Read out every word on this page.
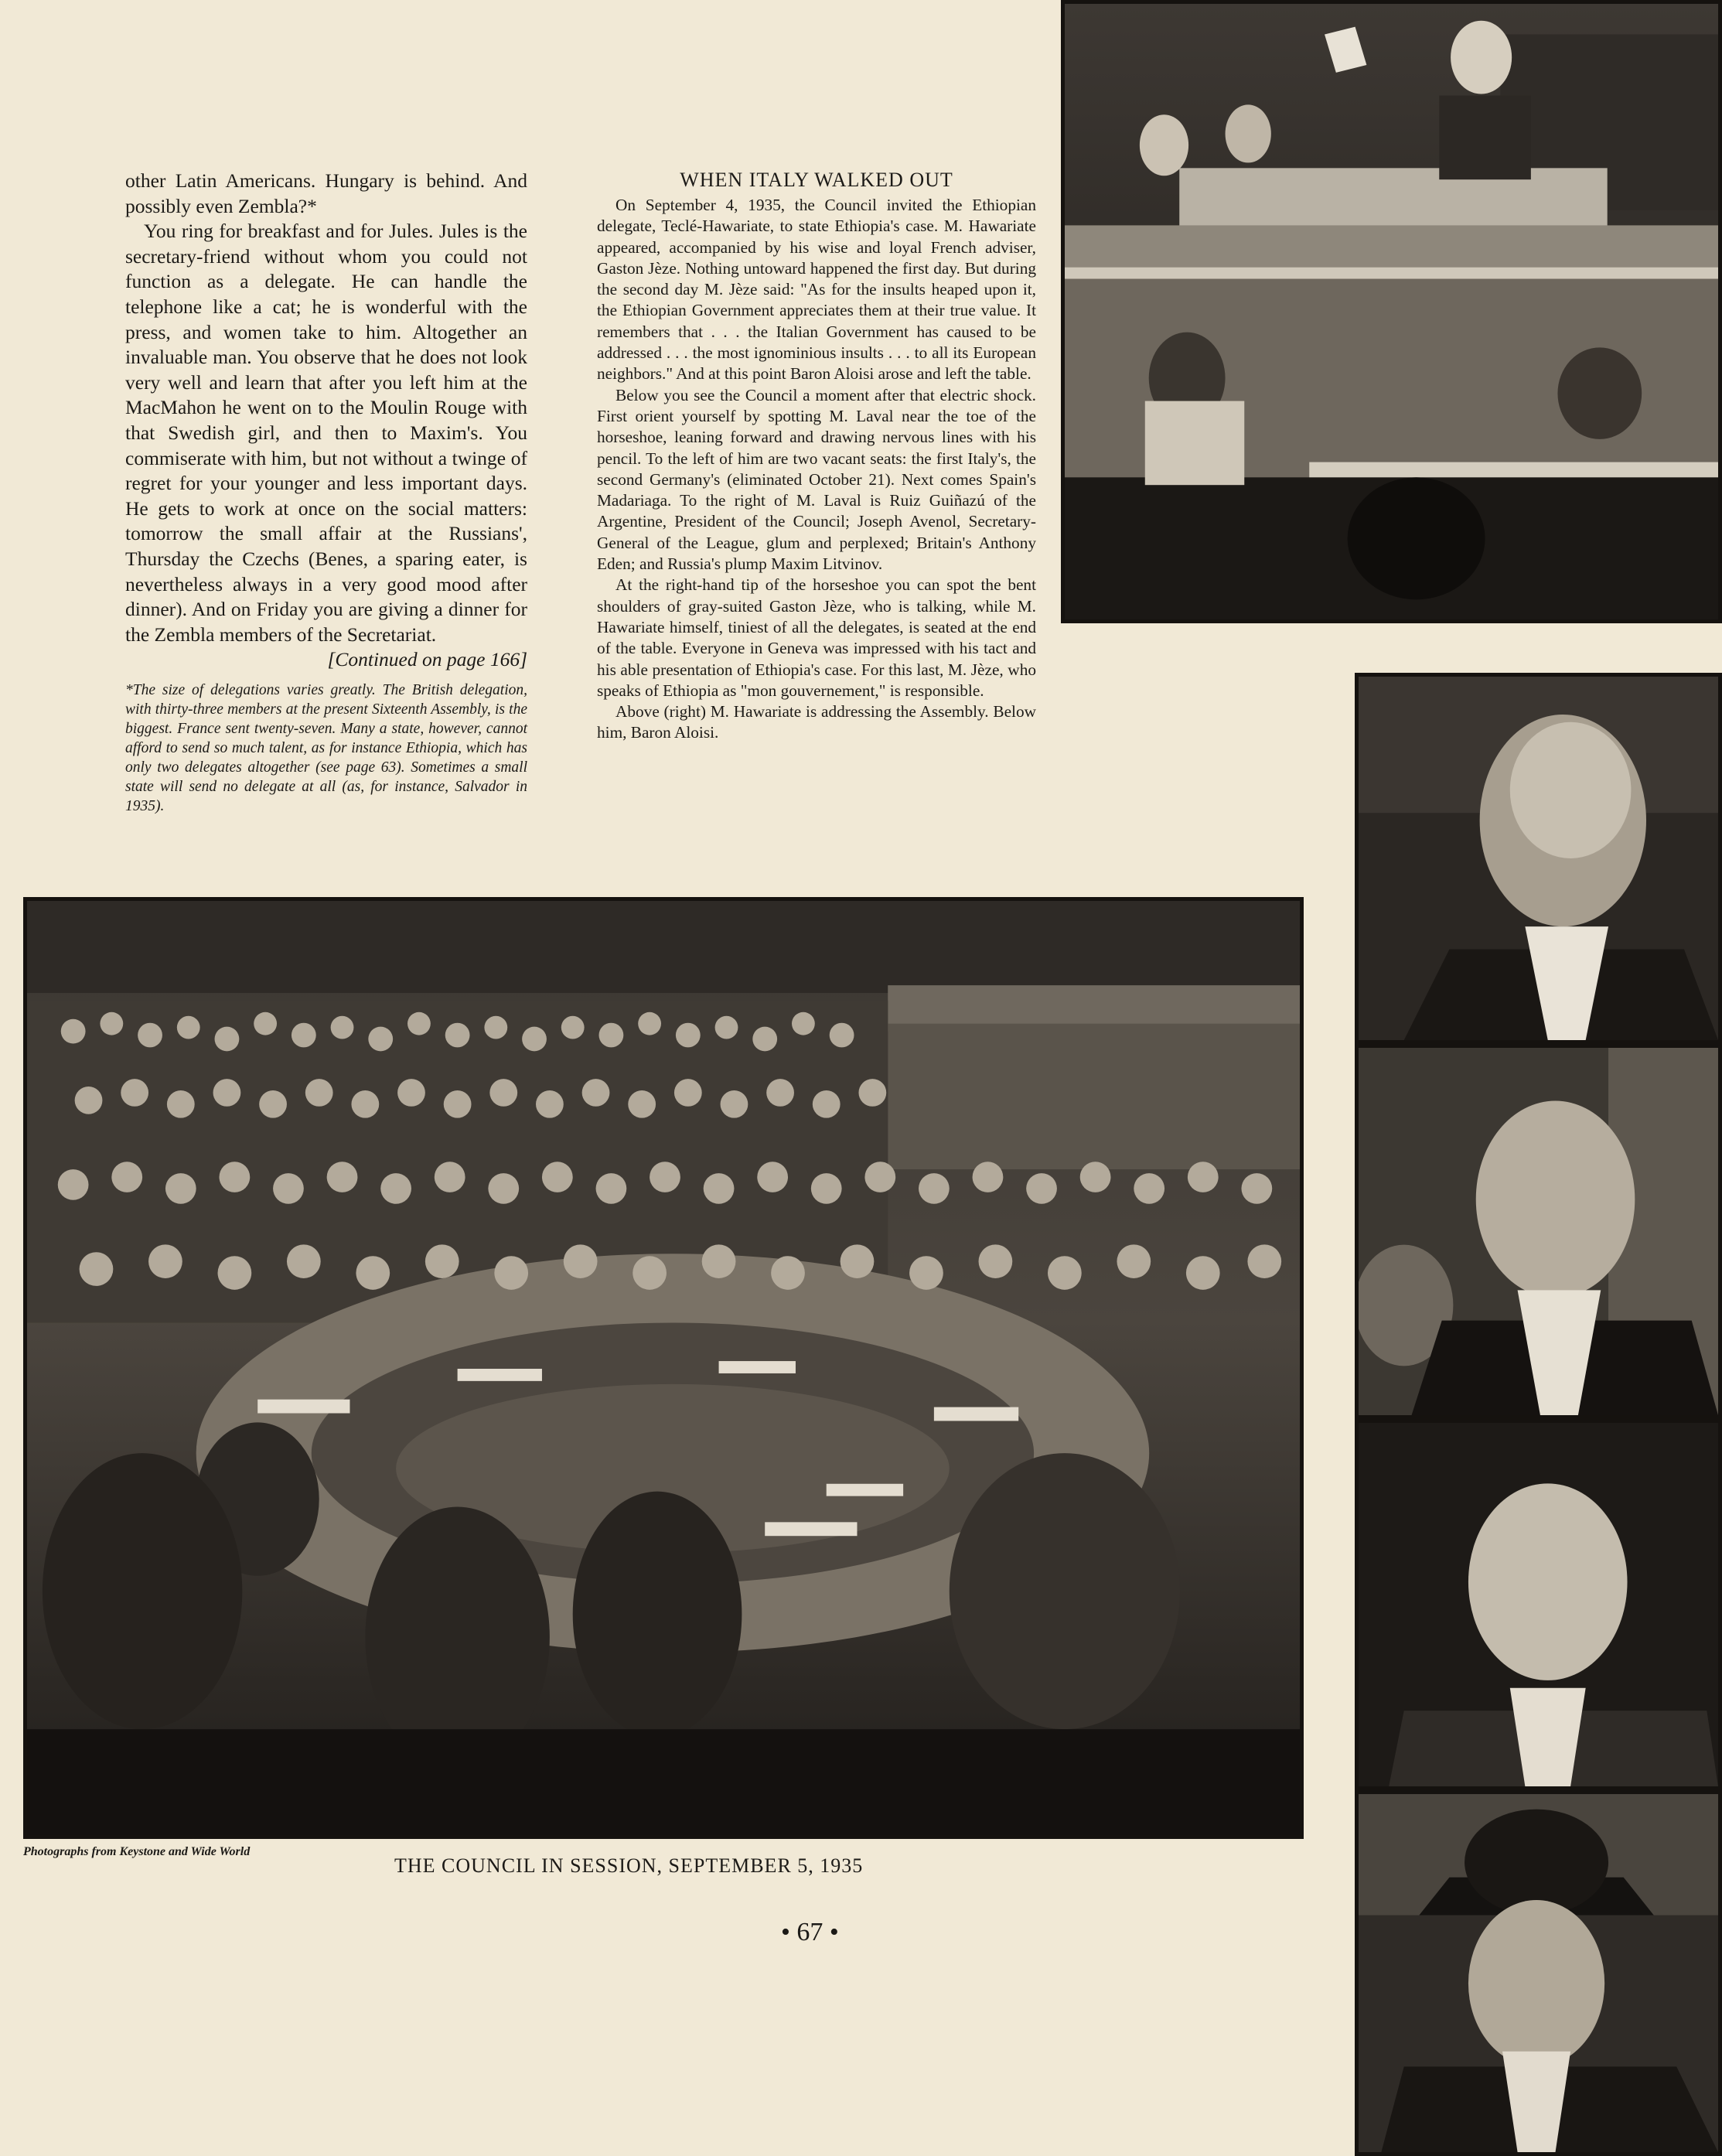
other Latin Americans. Hungary is behind. And possibly even Zembla?*

You ring for breakfast and for Jules. Jules is the secretary-friend without whom you could not function as a delegate. He can handle the telephone like a cat; he is wonderful with the press, and women take to him. Altogether an invaluable man. You observe that he does not look very well and learn that after you left him at the MacMahon he went on to the Moulin Rouge with that Swedish girl, and then to Maxim's. You commiserate with him, but not without a twinge of regret for your younger and less important days. He gets to work at once on the social matters: tomorrow the small affair at the Russians', Thursday the Czechs (Benes, a sparing eater, is nevertheless always in a very good mood after dinner). And on Friday you are giving a dinner for the Zembla members of the Secretariat.

[Continued on page 166]

*The size of delegations varies greatly. The British delegation, with thirty-three members at the present Sixteenth Assembly, is the biggest. France sent twenty-seven. Many a state, however, cannot afford to send so much talent, as for instance Ethiopia, which has only two delegates altogether (see page 63). Sometimes a small state will send no delegate at all (as, for instance, Salvador in 1935).

WHEN ITALY WALKED OUT

On September 4, 1935, the Council invited the Ethiopian delegate, Teclé-Hawariate, to state Ethiopia's case. M. Hawariate appeared, accompanied by his wise and loyal French adviser, Gaston Jèze. Nothing untoward happened the first day. But during the second day M. Jèze said: "As for the insults heaped upon it, the Ethiopian Government appreciates them at their true value. It remembers that . . . the Italian Government has caused to be addressed . . . the most ignominious insults . . . to all its European neighbors." And at this point Baron Aloisi arose and left the table.

Below you see the Council a moment after that electric shock. First orient yourself by spotting M. Laval near the toe of the horseshoe, leaning forward and drawing nervous lines with his pencil. To the left of him are two vacant seats: the first Italy's, the second Germany's (eliminated October 21). Next comes Spain's Madariaga. To the right of M. Laval is Ruiz Guiñazú of the Argentine, President of the Council; Joseph Avenol, Secretary-General of the League, glum and perplexed; Britain's Anthony Eden; and Russia's plump Maxim Litvinov.

At the right-hand tip of the horseshoe you can spot the bent shoulders of gray-suited Gaston Jèze, who is talking, while M. Hawariate himself, tiniest of all the delegates, is seated at the end of the table. Everyone in Geneva was impressed with his tact and his able presentation of Ethiopia's case. For this last, M. Jèze, who speaks of Ethiopia as "mon gouvernement," is responsible.

Above (right) M. Hawariate is addressing the Assembly. Below him, Baron Aloisi.

Photographs from Keystone and Wide World
THE COUNCIL IN SESSION, SEPTEMBER 5, 1935
• 67 •
